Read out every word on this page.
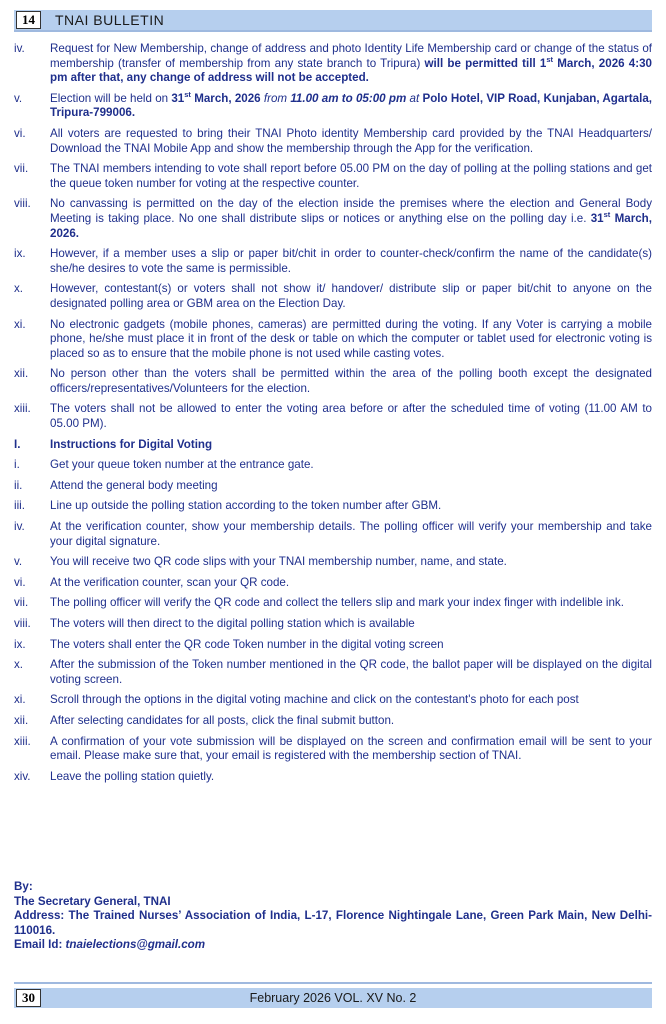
14	TNAI BULLETIN
iv.	Request for New Membership, change of address and photo Identity Life Membership card or change of the status of membership (transfer of membership from any state branch to Tripura) will be permitted till 1st March, 2026 4:30 pm after that, any change of address will not be accepted.
v.	Election will be held on 31st March, 2026 from 11.00 am to 05:00 pm at Polo Hotel, VIP Road, Kunjaban, Agartala, Tripura-799006.
vi.	All voters are requested to bring their TNAI Photo identity Membership card provided by the TNAI Headquarters/ Download the TNAI Mobile App and show the membership through the App for the verification.
vii.	The TNAI members intending to vote shall report before 05.00 PM on the day of polling at the polling stations and get the queue token number for voting at the respective counter.
viii.	No canvassing is permitted on the day of the election inside the premises where the election and General Body Meeting is taking place. No one shall distribute slips or notices or anything else on the polling day i.e. 31st March, 2026.
ix.	However, if a member uses a slip or paper bit/chit in order to counter-check/confirm the name of the candidate(s) she/he desires to vote the same is permissible.
x.	However, contestant(s) or voters shall not show it/ handover/ distribute slip or paper bit/chit to anyone on the designated polling area or GBM area on the Election Day.
xi.	No electronic gadgets (mobile phones, cameras) are permitted during the voting. If any Voter is carrying a mobile phone, he/she must place it in front of the desk or table on which the computer or tablet used for electronic voting is placed so as to ensure that the mobile phone is not used while casting votes.
xii.	No person other than the voters shall be permitted within the area of the polling booth except the designated officers/representatives/Volunteers for the election.
xiii.	The voters shall not be allowed to enter the voting area before or after the scheduled time of voting (11.00 AM to 05.00 PM).
I.	Instructions for Digital Voting
i.	Get your queue token number at the entrance gate.
ii.	Attend the general body meeting
iii.	Line up outside the polling station according to the token number after GBM.
iv.	At the verification counter, show your membership details. The polling officer will verify your membership and take your digital signature.
v.	You will receive two QR code slips with your TNAI membership number, name, and state.
vi.	At the verification counter, scan your QR code.
vii.	The polling officer will verify the QR code and collect the tellers slip and mark your index finger with indelible ink.
viii.	The voters will then direct to the digital polling station which is available
ix.	The voters shall enter the QR code Token number in the digital voting screen
x.	After the submission of the Token number mentioned in the QR code, the ballot paper will be displayed on the digital voting screen.
xi.	Scroll through the options in the digital voting machine and click on the contestant's photo for each post
xii.	After selecting candidates for all posts, click the final submit button.
xiii.	A confirmation of your vote submission will be displayed on the screen and confirmation email will be sent to your email. Please make sure that, your email is registered with the membership section of TNAI.
xiv.	Leave the polling station quietly.
By:
The Secretary General, TNAI
Address: The Trained Nurses’ Association of India, L-17, Florence Nightingale Lane, Green Park Main, New Delhi- 110016.
Email Id: tnaielections@gmail.com
30	February 2026 VOL. XV No. 2
